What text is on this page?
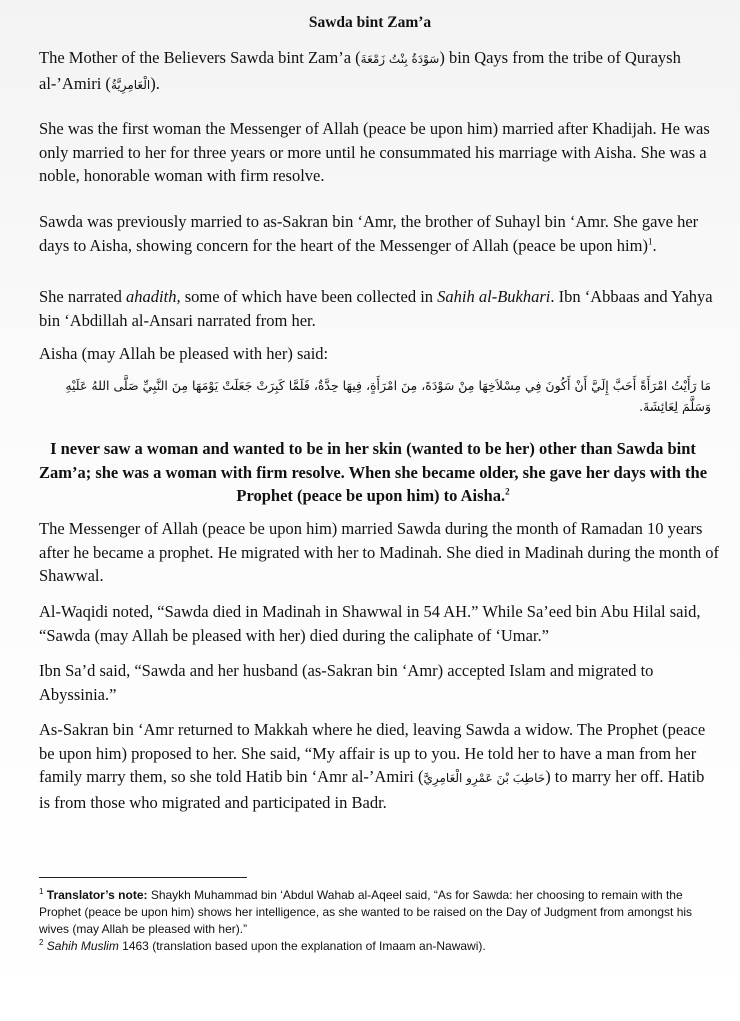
Sawda bint Zam’a

The Mother of the Believers Sawda bint Zam’a (سَوْدَةُ بِنْتُ زَمْعَةَ) bin Qays from the tribe of Quraysh al-’Amiri (الْعَامِرِيَّةُ).

She was the first woman the Messenger of Allah (peace be upon him) married after Khadijah. He was only married to her for three years or more until he consummated his marriage with Aisha. She was a noble, honorable woman with firm resolve.

Sawda was previously married to as-Sakran bin ‘Amr, the brother of Suhayl bin ‘Amr. She gave her days to Aisha, showing concern for the heart of the Messenger of Allah (peace be upon him)$^1$.

She narrated ahadith, some of which have been collected in Sahih al-Bukhari. Ibn ‘Abbaas and Yahya bin ‘Abdillah al-Ansari narrated from her.

Aisha (may Allah be pleased with her) said:

مَا رَأَيْتُ امْرَأَةً أَحَبَّ إِلَيَّ أَنْ أَكُونَ فِي مِسْلاَخِهَا مِنْ سَوْدَةَ، مِنَ امْرَأَةٍ، فِيهَا حِدَّةٌ، فَلَمَّا كَبِرَتْ جَعَلَتْ يَوْمَهَا مِنَ النَّبِيِّ صَلَّى اللهُ عَلَيْهِ وَسَلَّمَ لِعَائِشَةَ.
I never saw a woman and wanted to be in her skin (wanted to be her) other than Sawda bint Zam’a; she was a woman with firm resolve. When she became older, she gave her days with the Prophet (peace be upon him) to Aisha.$^2$

The Messenger of Allah (peace be upon him) married Sawda during the month of Ramadan 10 years after he became a prophet. He migrated with her to Madinah. She died in Madinah during the month of Shawwal.

Al-Waqidi noted, “Sawda died in Madinah in Shawwal in 54 AH.” While Sa’eed bin Abu Hilal said, “Sawda (may Allah be pleased with her) died during the caliphate of ‘Umar.”

Ibn Sa’d said, “Sawda and her husband (as-Sakran bin ‘Amr) accepted Islam and migrated to Abyssinia.”

As-Sakran bin ‘Amr returned to Makkah where he died, leaving Sawda a widow. The Prophet (peace be upon him) proposed to her. She said, “My affair is up to you. He told her to have a man from her family marry them, so she told Hatib bin ‘Amr al-’Amiri (حَاطِبَ بْنَ عَمْرِو الْعَامِرِيَّ) to marry her off. Hatib is from those who migrated and participated in Badr.

$^1$ Translator’s note: Shaykh Muhammad bin ‘Abdul Wahab al-Aqeel said, “As for Sawda: her choosing to remain with the Prophet (peace be upon him) shows her intelligence, as she wanted to be raised on the Day of Judgment from amongst his wives (may Allah be pleased with her).”
$^2$ Sahih Muslim 1463 (translation based upon the explanation of Imaam an-Nawawi).
